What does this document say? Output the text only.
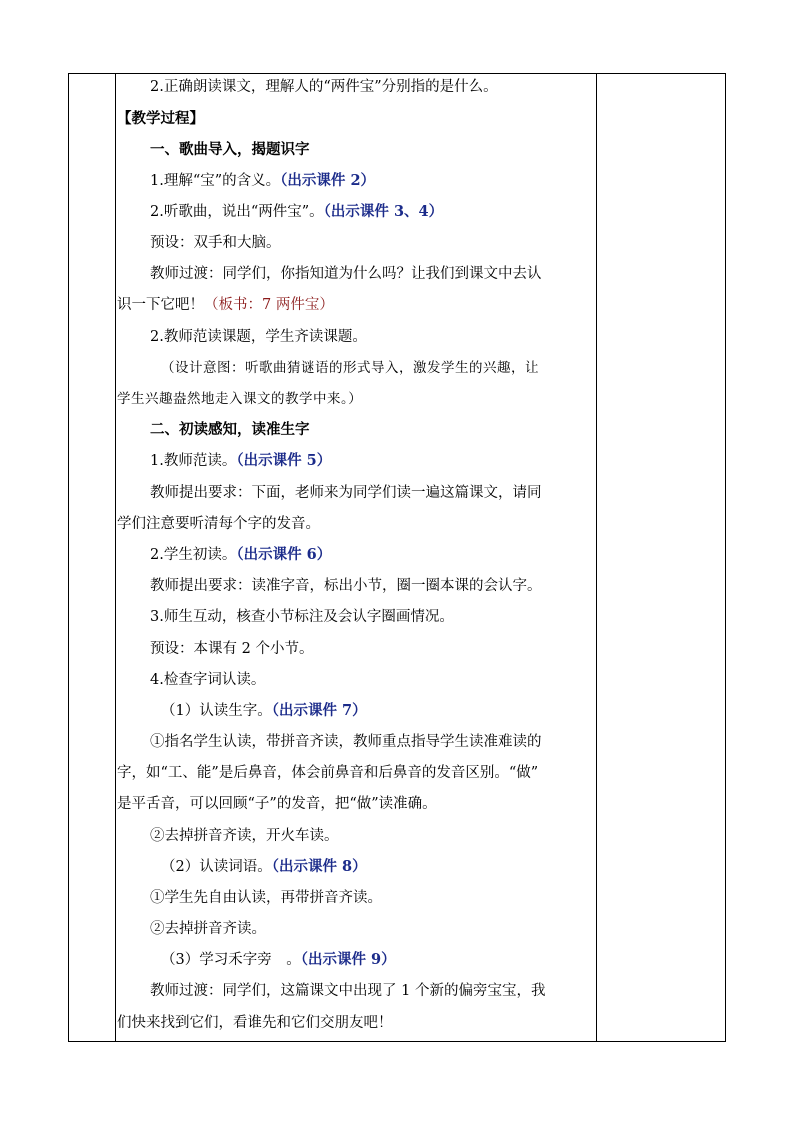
2.正确朗读课文，理解人的“两件宝”分别指的是什么。
【教学过程】
一、歌曲导入，揭题识字
1.理解“宝”的含义。（出示课件 2）
2.听歌曲，说出“两件宝”。（出示课件 3、4）
预设：双手和大脑。
教师过渡：同学们，你指知道为什么吗？让我们到课文中去认
识一下它吧！（板书：7 两件宝）
2.教师范读课题，学生齐读课题。
（设计意图：听歌曲猜谜语的形式导入，激发学生的兴趣，让
学生兴趣盎然地走入课文的教学中来。）
二、初读感知，读准生字
1.教师范读。（出示课件 5）
教师提出要求：下面，老师来为同学们读一遍这篇课文，请同
学们注意要听清每个字的发音。
2.学生初读。（出示课件 6）
教师提出要求：读准字音，标出小节，圈一圈本课的会认字。
3.师生互动，核查小节标注及会认字圈画情况。
预设：本课有 2 个小节。
4.检查字词认读。
（1）认读生字。（出示课件 7）
①指名学生认读，带拼音齐读，教师重点指导学生读准难读的
字，如“工、能”是后鼻音，体会前鼻音和后鼻音的发音区别。“做”
是平舌音，可以回顾“子”的发音，把“做”读准确。
②去掉拼音齐读，开火车读。
（2）认读词语。（出示课件 8）
①学生先自由认读，再带拼音齐读。
②去掉拼音齐读。
（3）学习禾字旁　。（出示课件 9）
教师过渡：同学们，这篇课文中出现了 1 个新的偏旁宝宝，我
们快来找到它们，看谁先和它们交朋友吧！
